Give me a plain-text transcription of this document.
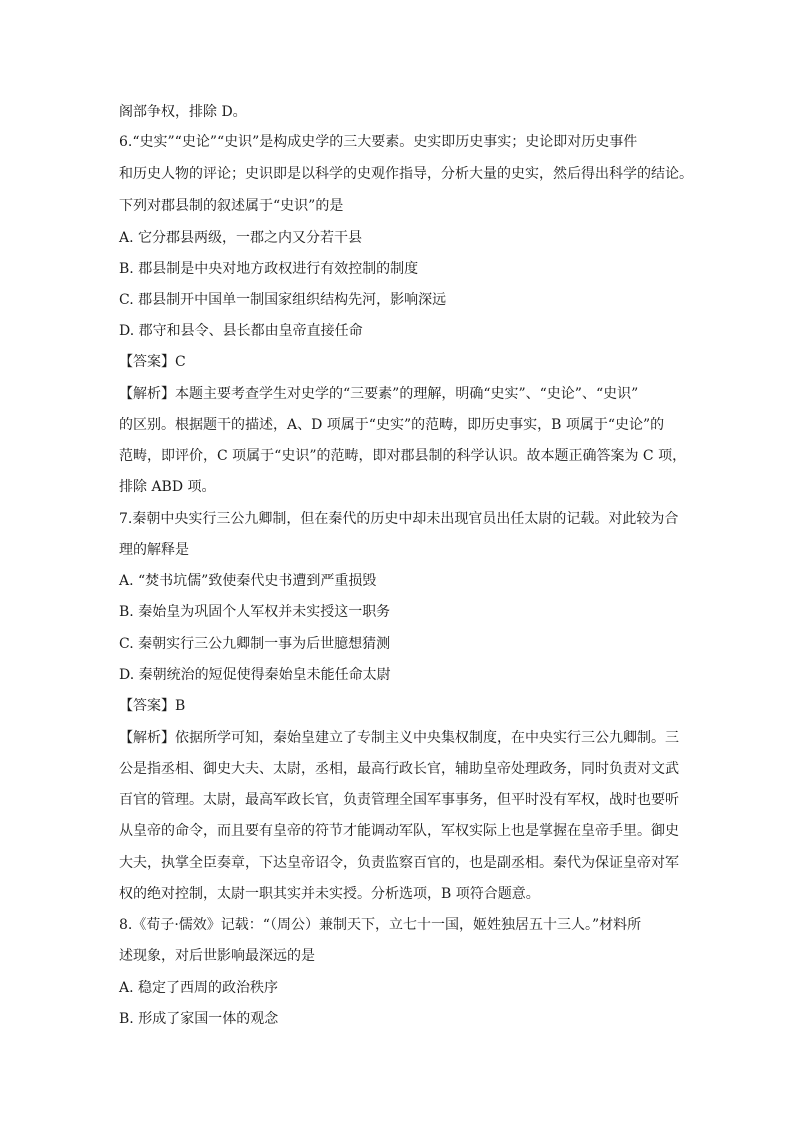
阁部争权，排除 D。
6.“史实”“史论”“史识”是构成史学的三大要素。史实即历史事实；史论即对历史事件
和历史人物的评论；史识即是以科学的史观作指导，分析大量的史实，然后得出科学的结论。
下列对郡县制的叙述属于“史识”的是
A. 它分郡县两级，一郡之内又分若干县
B. 郡县制是中央对地方政权进行有效控制的制度
C. 郡县制开中国单一制国家组织结构先河，影响深远
D. 郡守和县令、县长都由皇帝直接任命
【答案】C
【解析】本题主要考查学生对史学的“三要素”的理解，明确“史实”、“史论”、“史识”
的区别。根据题干的描述，A、D 项属于“史实”的范畴，即历史事实，B 项属于“史论”的
范畴，即评价，C 项属于“史识”的范畴，即对郡县制的科学认识。故本题正确答案为 C 项，
排除 ABD 项。
7.秦朝中央实行三公九卿制，但在秦代的历史中却未出现官员出任太尉的记载。对此较为合
理的解释是
A. “焚书坑儒”致使秦代史书遭到严重损毁
B. 秦始皇为巩固个人军权并未实授这一职务
C. 秦朝实行三公九卿制一事为后世臆想猜测
D. 秦朝统治的短促使得秦始皇未能任命太尉
【答案】B
【解析】依据所学可知，秦始皇建立了专制主义中央集权制度，在中央实行三公九卿制。三
公是指丞相、御史大夫、太尉，丞相，最高行政长官，辅助皇帝处理政务，同时负责对文武
百官的管理。太尉，最高军政长官，负责管理全国军事事务，但平时没有军权，战时也要听
从皇帝的命令，而且要有皇帝的符节才能调动军队，军权实际上也是掌握在皇帝手里。御史
大夫，执掌全臣奏章，下达皇帝诏令，负责监察百官的，也是副丞相。秦代为保证皇帝对军
权的绝对控制，太尉一职其实并未实授。分析选项，B 项符合题意。
8.《荀子·儒效》记载：“（周公）兼制天下，立七十一国，姬姓独居五十三人。”材料所
述现象，对后世影响最深远的是
A. 稳定了西周的政治秩序
B. 形成了家国一体的观念
